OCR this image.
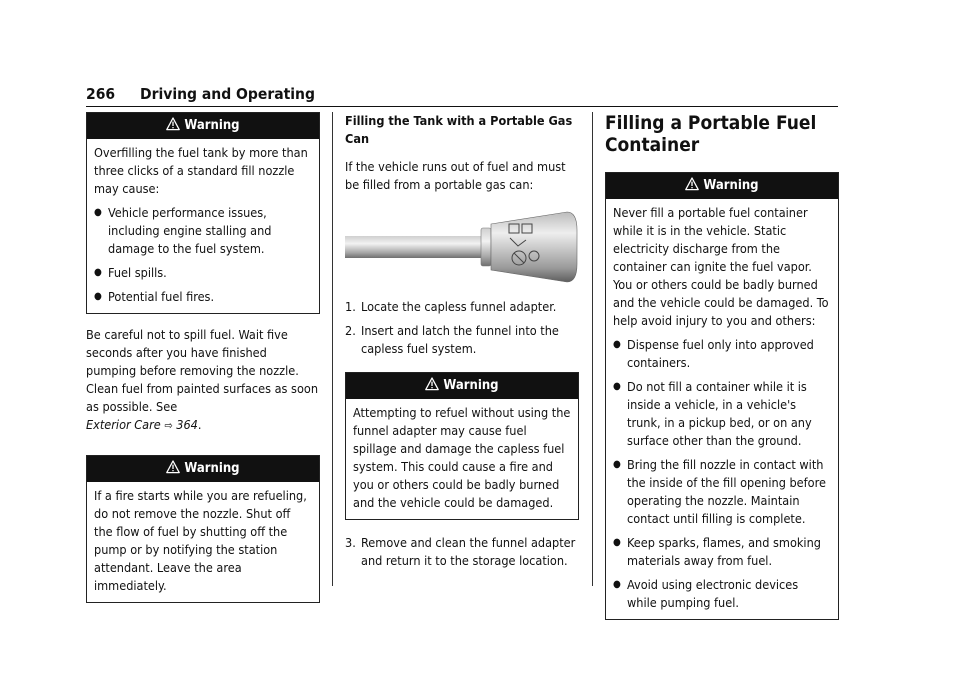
266 Driving and Operating
Warning

Overfilling the fuel tank by more than three clicks of a standard fill nozzle may cause:

● Vehicle performance issues, including engine stalling and damage to the fuel system.
● Fuel spills.
● Potential fuel fires.

Be careful not to spill fuel. Wait five seconds after you have finished pumping before removing the nozzle. Clean fuel from painted surfaces as soon as possible. See
Exterior Care ⇨ 364.

Warning

If a fire starts while you are refueling, do not remove the nozzle. Shut off the flow of fuel by shutting off the pump or by notifying the station attendant. Leave the area immediately.

Filling the Tank with a Portable Gas Can

If the vehicle runs out of fuel and must be filled from a portable gas can:

1. Locate the capless funnel adapter.
2. Insert and latch the funnel into the capless fuel system.
Warning

Attempting to refuel without using the funnel adapter may cause fuel spillage and damage the capless fuel system. This could cause a fire and you or others could be badly burned and the vehicle could be damaged.

3. Remove and clean the funnel adapter and return it to the storage location.
Filling a Portable Fuel Container
Warning

Never fill a portable fuel container while it is in the vehicle. Static electricity discharge from the container can ignite the fuel vapor. You or others could be badly burned and the vehicle could be damaged. To help avoid injury to you and others:

● Dispense fuel only into approved containers.
● Do not fill a container while it is inside a vehicle, in a vehicle's trunk, in a pickup bed, or on any surface other than the ground.
● Bring the fill nozzle in contact with the inside of the fill opening before operating the nozzle. Maintain contact until filling is complete.
● Keep sparks, flames, and smoking materials away from fuel.
● Avoid using electronic devices while pumping fuel.
